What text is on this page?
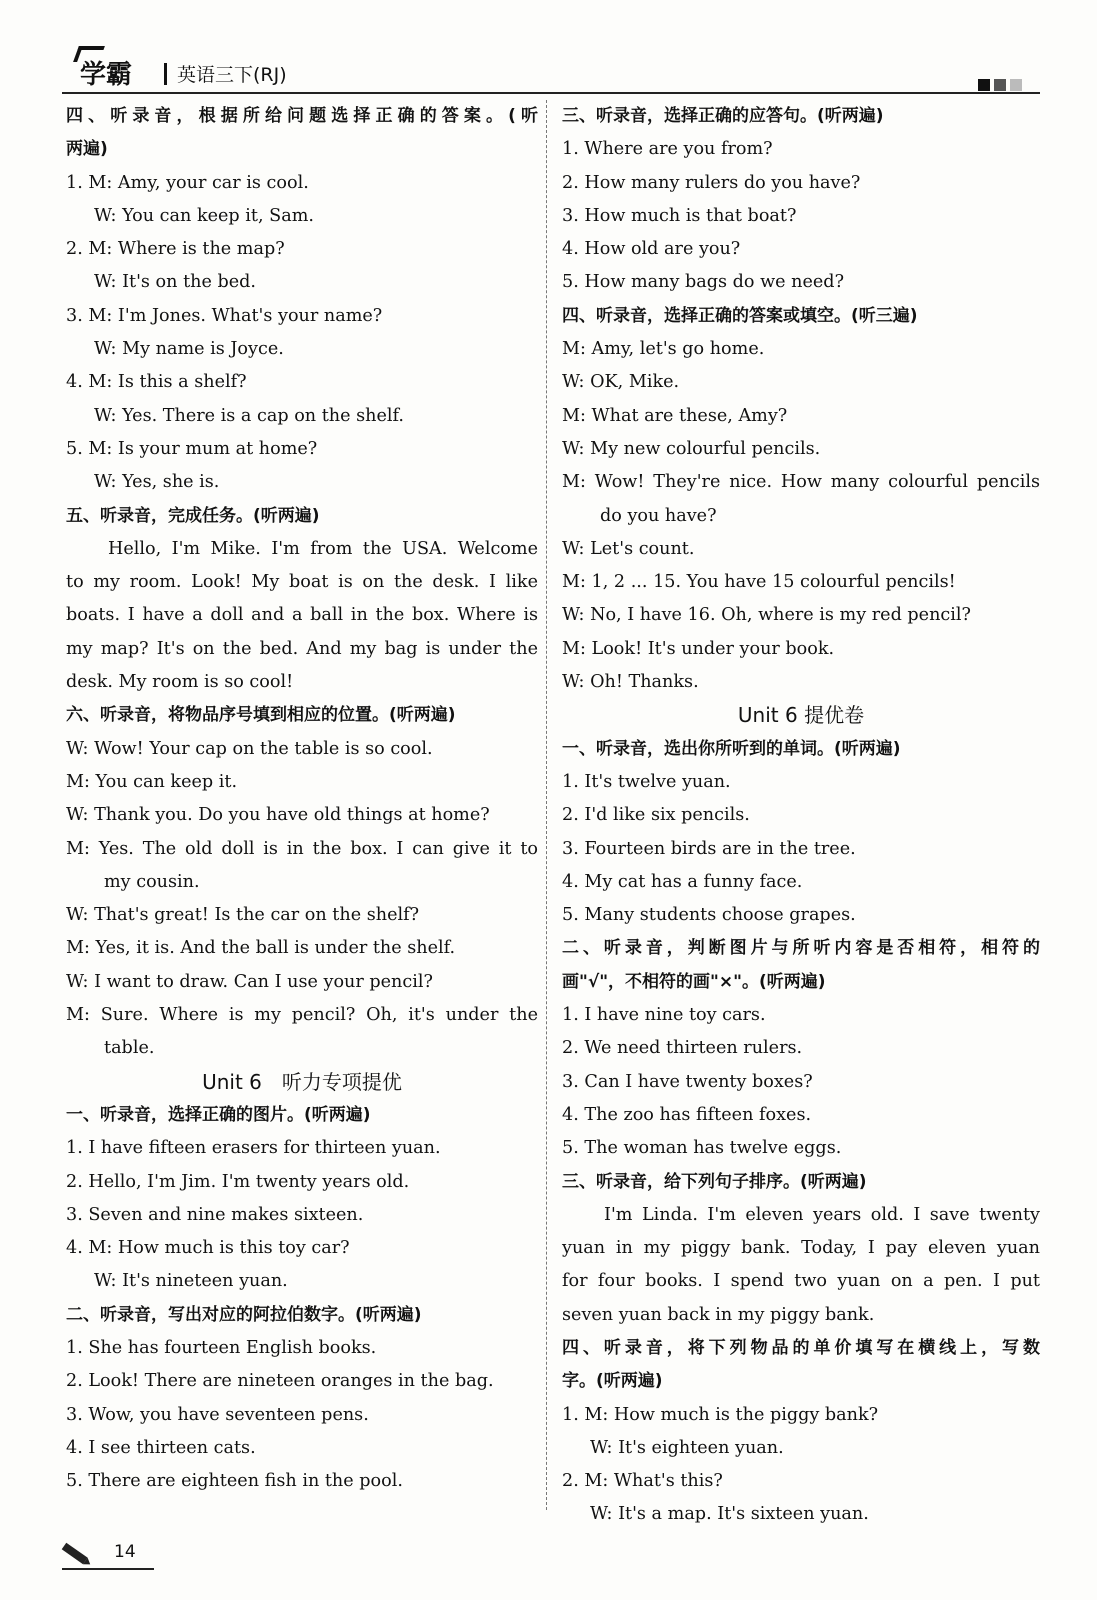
学霸	英语三下(RJ)
四、听录音，根据所给问题选择正确的答案。(听
两遍)
1. M: Amy, your car is cool.
W: You can keep it, Sam.
2. M: Where is the map?
W: It's on the bed.
3. M: I'm Jones. What's your name?
W: My name is Joyce.
4. M: Is this a shelf?
W: Yes. There is a cap on the shelf.
5. M: Is your mum at home?
W: Yes, she is.
五、听录音，完成任务。(听两遍)
Hello, I'm Mike. I'm from the USA. Welcome
to my room. Look! My boat is on the desk. I like
boats. I have a doll and a ball in the box. Where is
my map? It's on the bed. And my bag is under the
desk. My room is so cool!
六、听录音，将物品序号填到相应的位置。(听两遍)
W: Wow! Your cap on the table is so cool.
M: You can keep it.
W: Thank you. Do you have old things at home?
M: Yes. The old doll is in the box. I can give it to
my cousin.
W: That's great! Is the car on the shelf?
M: Yes, it is. And the ball is under the shelf.
W: I want to draw. Can I use your pencil?
M: Sure. Where is my pencil? Oh, it's under the
table.
Unit 6　听力专项提优
一、听录音，选择正确的图片。(听两遍)
1. I have fifteen erasers for thirteen yuan.
2. Hello, I'm Jim. I'm twenty years old.
3. Seven and nine makes sixteen.
4. M: How much is this toy car?
W: It's nineteen yuan.
二、听录音，写出对应的阿拉伯数字。(听两遍)
1. She has fourteen English books.
2. Look! There are nineteen oranges in the bag.
3. Wow, you have seventeen pens.
4. I see thirteen cats.
5. There are eighteen fish in the pool.
三、听录音，选择正确的应答句。(听两遍)
1. Where are you from?
2. How many rulers do you have?
3. How much is that boat?
4. How old are you?
5. How many bags do we need?
四、听录音，选择正确的答案或填空。(听三遍)
M: Amy, let's go home.
W: OK, Mike.
M: What are these, Amy?
W: My new colourful pencils.
M: Wow! They're nice. How many colourful pencils
do you have?
W: Let's count.
M: 1, 2 ... 15. You have 15 colourful pencils!
W: No, I have 16. Oh, where is my red pencil?
M: Look! It's under your book.
W: Oh! Thanks.
Unit 6 提优卷
一、听录音，选出你所听到的单词。(听两遍)
1. It's twelve yuan.
2. I'd like six pencils.
3. Fourteen birds are in the tree.
4. My cat has a funny face.
5. Many students choose grapes.
二、听录音，判断图片与所听内容是否相符，相符的
画"√"，不相符的画"×"。(听两遍)
1. I have nine toy cars.
2. We need thirteen rulers.
3. Can I have twenty boxes?
4. The zoo has fifteen foxes.
5. The woman has twelve eggs.
三、听录音，给下列句子排序。(听两遍)
I'm Linda. I'm eleven years old. I save twenty
yuan in my piggy bank. Today, I pay eleven yuan
for four books. I spend two yuan on a pen. I put
seven yuan back in my piggy bank.
四、听录音，将下列物品的单价填写在横线上，写数
字。(听两遍)
1. M: How much is the piggy bank?
W: It's eighteen yuan.
2. M: What's this?
W: It's a map. It's sixteen yuan.
14
